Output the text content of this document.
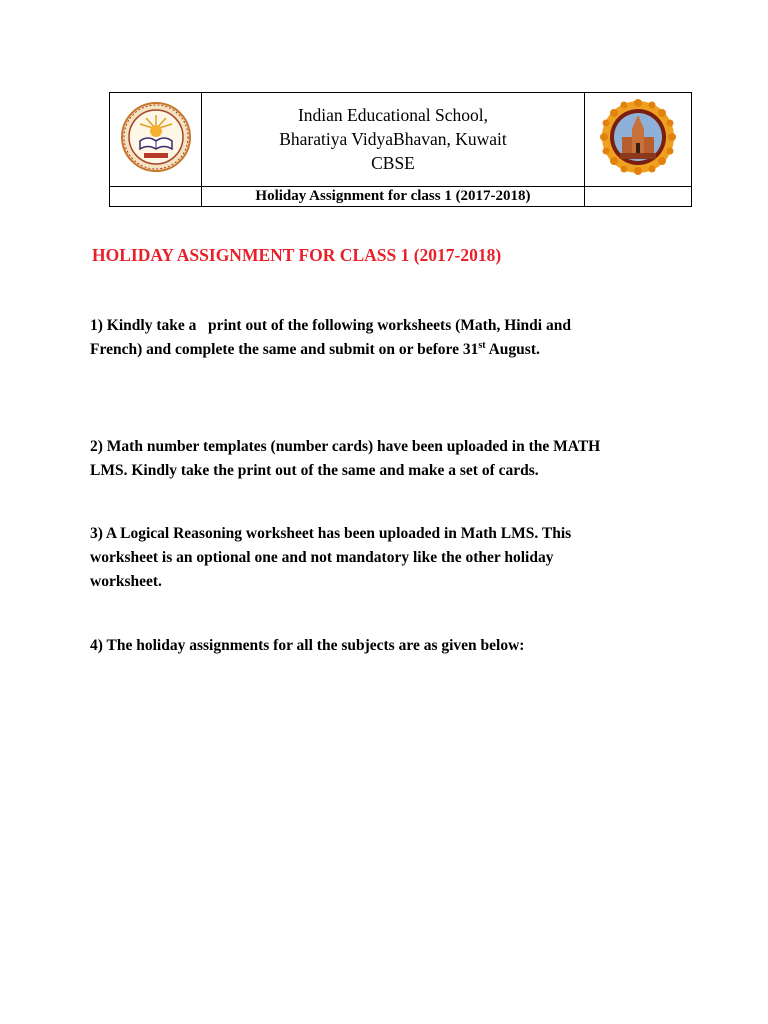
Indian Educational School,
Bharatiya VidyaBhavan, Kuwait
CBSE

	Holiday Assignment for class 1 (2017-2018)	
HOLIDAY ASSIGNMENT FOR CLASS 1 (2017-2018)
1) Kindly take a   print out of the following worksheets (Math, Hindi and
French) and complete the same and submit on or before 31st August.
2) Math number templates (number cards) have been uploaded in the MATH
LMS. Kindly take the print out of the same and make a set of cards.
3) A Logical Reasoning worksheet has been uploaded in Math LMS. This
worksheet is an optional one and not mandatory like the other holiday
worksheet.
4) The holiday assignments for all the subjects are as given below:
